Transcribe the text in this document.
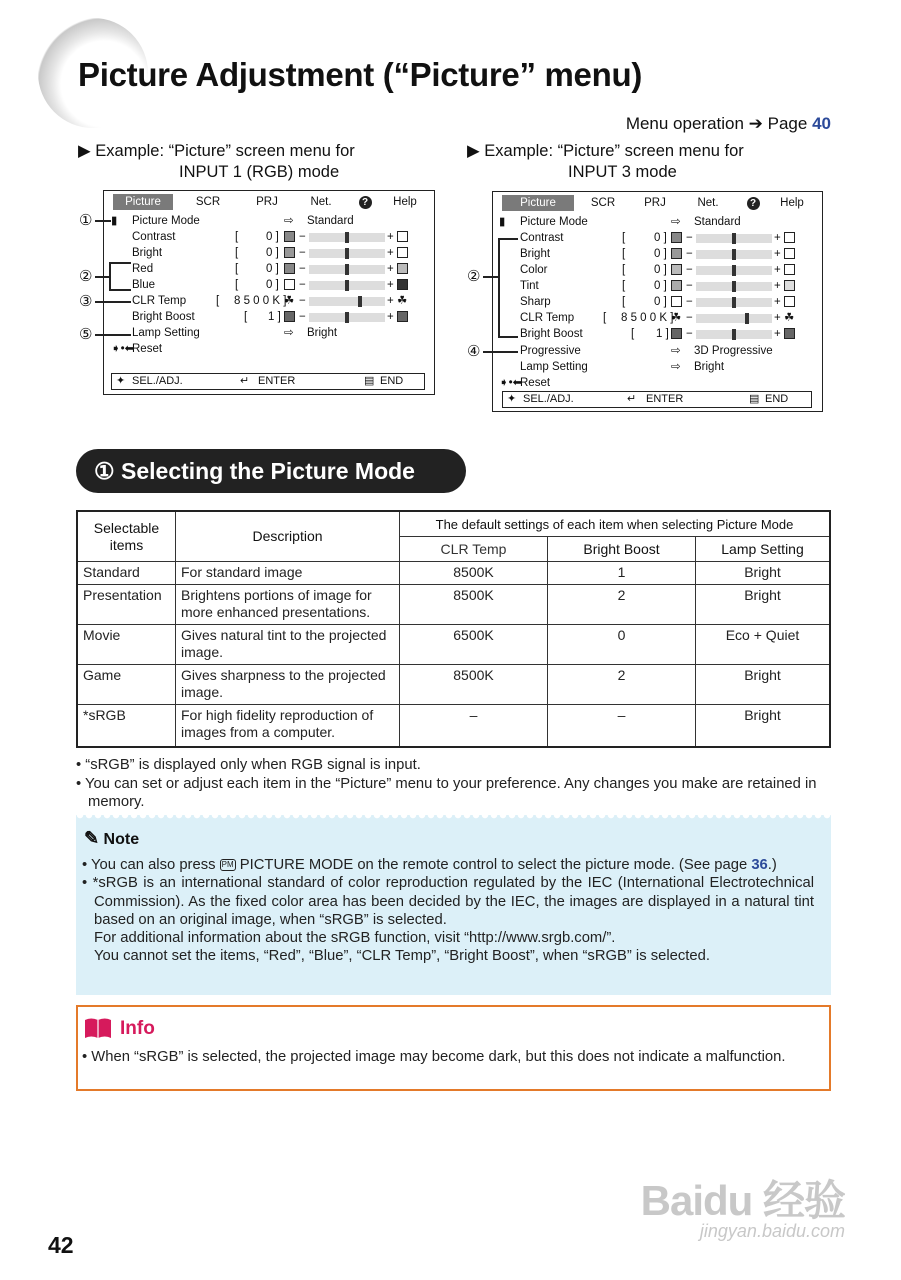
Picture Adjustment (“Picture” menu)
Menu operation ➔ Page 40
▶ Example: “Picture” screen menu for
INPUT 1 (RGB) mode
▶ Example: “Picture” screen menu for
INPUT 3 mode
Picture	SCR	PRJ	Net.	?	Help
▮ Picture Mode	⇨ Standard
Contrast	[ 0 ] −	+
Bright	[ 0 ] −	+
Red	[ 0 ] −	+
Blue	[ 0 ] −	+
CLR Temp	[ 8 5 0 0 K ]
☘ −	+ ☘
Bright Boost	[ 1 ] −	+
Lamp Setting	⇨ Bright
➧•⬅
Reset
✦ SEL./ADJ.	↵ ENTER	▤ END
①
②
③
⑤
Picture	SCR	PRJ	Net.	?	Help
▮ Picture Mode	⇨ Standard
Contrast	[	0 ] −	+
Bright	[	0 ] −	+
Color	[	0 ] −	+
Tint	[	0 ] −	+
Sharp	[	0 ] −	+
CLR Temp	[ 8 5 0 0 K ]
☘ −	+ ☘
Bright Boost	[ 1 ] −	+
Progressive	⇨ 3D Progressive
Lamp Setting	⇨ Bright
➧•⬅
Reset
✦ SEL./ADJ.	↵ ENTER	▤ END
②
④
① Selecting the Picture Mode
Selectable items	Description	The default settings of each item when selecting Picture Mode		
		CLR Temp	Bright Boost	Lamp Setting
Standard	For standard image	8500K	1	Bright
Presentation	Brightens portions of image for more enhanced presentations.	8500K	2	Bright
Movie	Gives natural tint to the projected image.	6500K	0	Eco + Quiet
Game	Gives sharpness to the projected image.	8500K	2	Bright
*sRGB	For high fidelity reproduction of images from a computer.	–	–	Bright
• “sRGB” is displayed only when RGB signal is input.
• You can set or adjust each item in the “Picture” menu to your preference. Any changes you make are retained in memory.
✎ Note
• You can also press PM PICTURE MODE on the remote control to select the picture mode. (See page 36.)
• *sRGB is an international standard of color reproduction regulated by the IEC (International Electrotechnical Commission). As the fixed color area has been decided by the IEC, the images are displayed in a natural tint based on an original image, when “sRGB” is selected.
For additional information about the sRGB function, visit “http://www.srgb.com/”.
You cannot set the items, “Red”, “Blue”, “CLR Temp”, “Bright Boost”, when “sRGB” is selected.
Info
• When “sRGB” is selected, the projected image may become dark, but this does not indicate a malfunction.
42
Baidu 经验
jingyan.baidu.com
